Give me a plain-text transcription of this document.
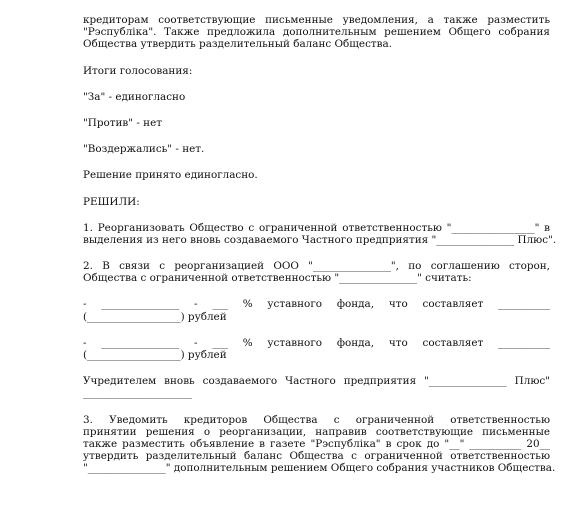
кредиторам соответствующие письменные уведомления, а также разместить
"Рэспубліка". Также предложила дополнительным решением Общего собрания
Общества утвердить разделительный баланс Общества.
Итоги голосования:
"За" - единогласно
"Против" - нет
"Воздержались" - нет.
Решение принято единогласно.
РЕШИЛИ:
1. Реорганизовать Общество с ограниченной ответственностью "________________" в
выделения из него вновь создаваемого Частного предприятия "_______________ Плюс".
2. В связи с реорганизацией ООО "_______________", по соглашению сторон,
Общества с ограниченной ответственностью "_______________" считать:
- _______________ - ___ % уставного фонда, что составляет __________
(__________________) рублей
- _______________ - ___ % уставного фонда, что составляет __________
(__________________) рублей
Учредителем вновь создаваемого Частного предприятия "_______________ Плюс"
_____________________
3. Уведомить кредиторов Общества с ограниченной ответственностью
принятии решения о реорганизации, направив соответствующие письменные
также разместить объявление в газете "Рэспубліка" в срок до "__" __________ 20__
утвердить разделительный баланс Общества с ограниченной ответственностью
"_______________" дополнительным решением Общего собрания участников Общества.
